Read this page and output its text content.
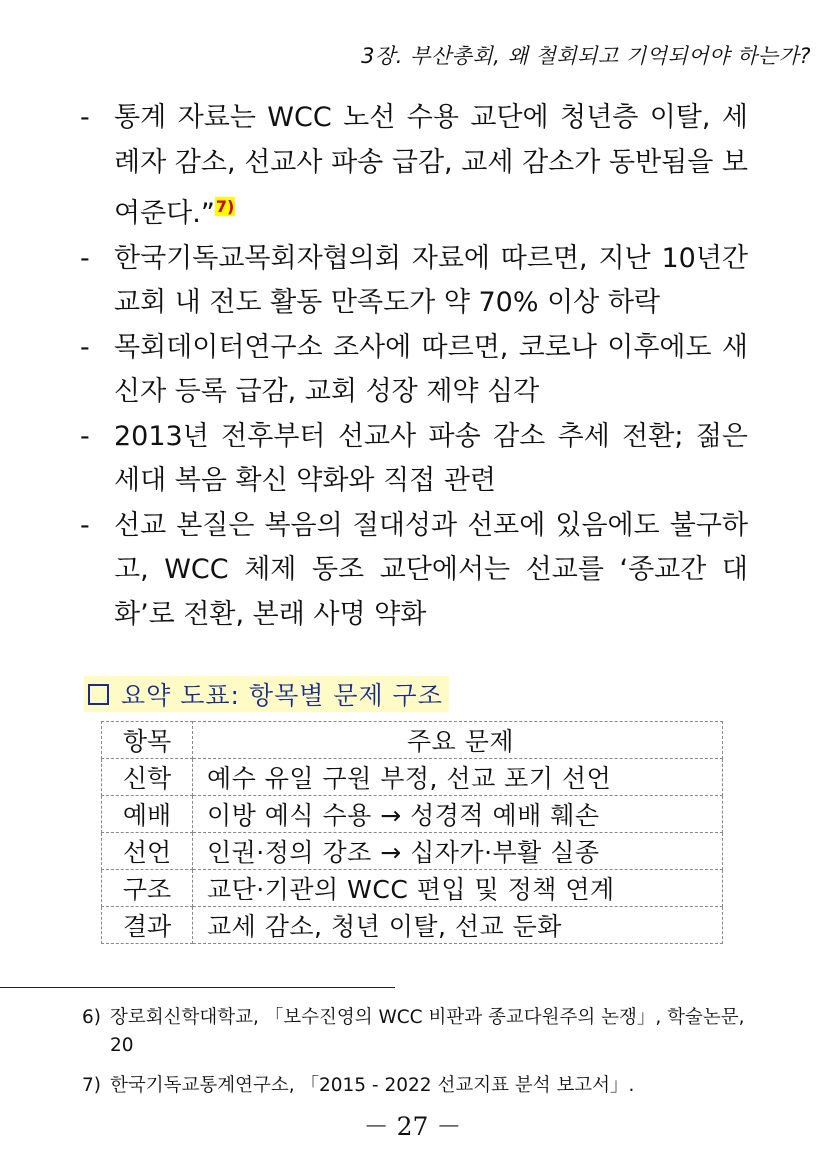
3장. 부산총회, 왜 철회되고 기억되어야 하는가?
- 통계 자료는 WCC 노선 수용 교단에 청년층 이탈, 세례자 감소, 선교사 파송 급감, 교세 감소가 동반됨을 보여준다.”$^{7)}$
- 한국기독교목회자협의회 자료에 따르면, 지난 10년간 교회 내 전도 활동 만족도가 약 70% 이상 하락
- 목회데이터연구소 조사에 따르면, 코로나 이후에도 새신자 등록 급감, 교회 성장 제약 심각
- 2013년 전후부터 선교사 파송 감소 추세 전환; 젊은 세대 복음 확신 약화와 직접 관련
- 선교 본질은 복음의 절대성과 선포에 있음에도 불구하고, WCC 체제 동조 교단에서는 선교를 ‘종교간 대화’로 전환, 본래 사명 약화
요약 도표: 항목별 문제 구조
항목	주요 문제
신학	예수 유일 구원 부정, 선교 포기 선언
예배	이방 예식 수용 → 성경적 예배 훼손
선언	인권·정의 강조 → 십자가·부활 실종
구조	교단·기관의 WCC 편입 및 정책 연계
결과	교세 감소, 청년 이탈, 선교 둔화
6) 장로회신학대학교, 「보수진영의 WCC 비판과 종교다원주의 논쟁」, 학술논문, 20
7) 한국기독교통계연구소, 「2015 - 2022 선교지표 분석 보고서」.
－ 27 －
